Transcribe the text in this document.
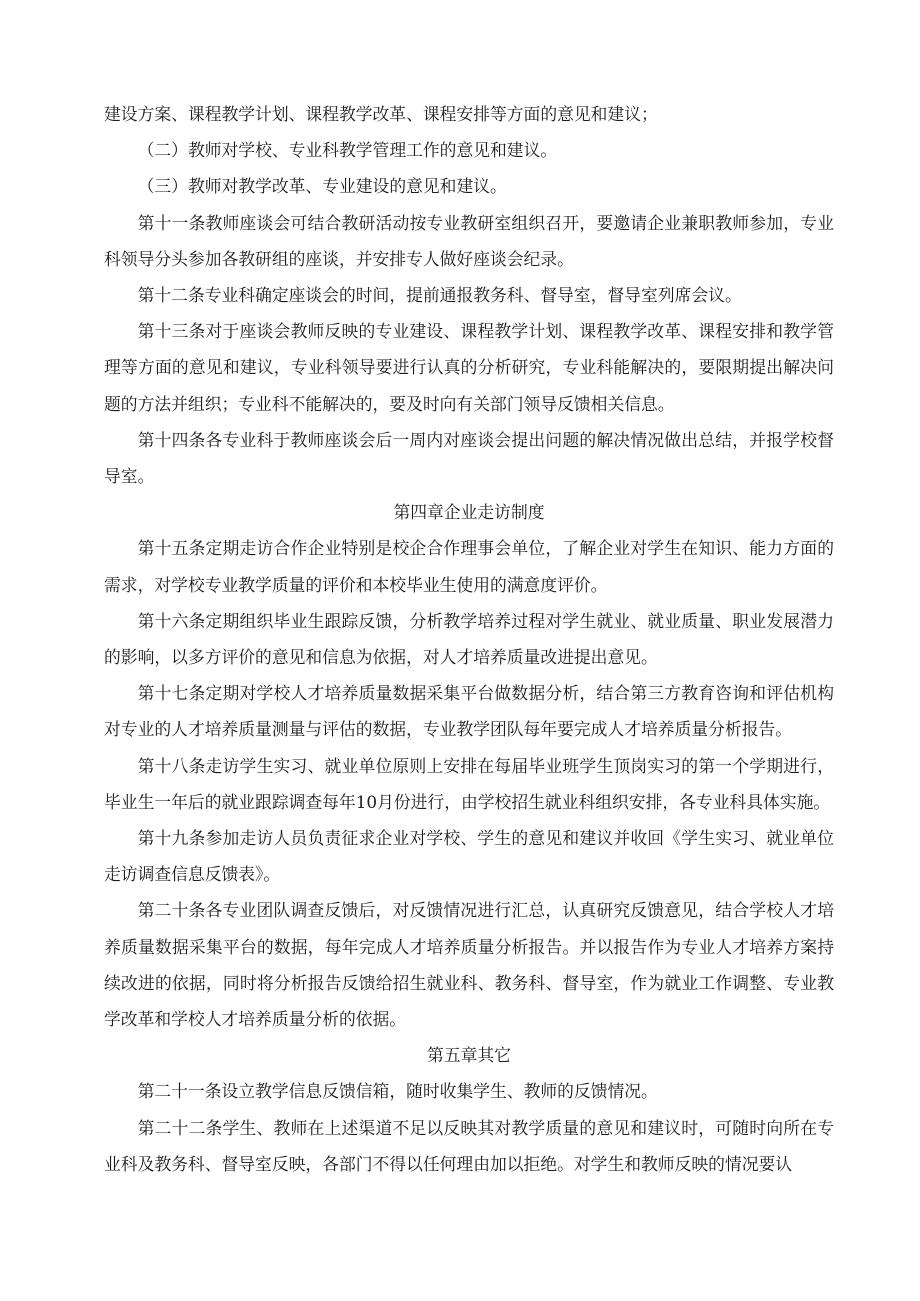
建设方案、课程教学计划、课程教学改革、课程安排等方面的意见和建议；

（二）教师对学校、专业科教学管理工作的意见和建议。

（三）教师对教学改革、专业建设的意见和建议。

第十一条教师座谈会可结合教研活动按专业教研室组织召开，要邀请企业兼职教师参加，专业科领导分头参加各教研组的座谈，并安排专人做好座谈会纪录。

第十二条专业科确定座谈会的时间，提前通报教务科、督导室，督导室列席会议。

第十三条对于座谈会教师反映的专业建设、课程教学计划、课程教学改革、课程安排和教学管理等方面的意见和建议，专业科领导要进行认真的分析研究，专业科能解决的，要限期提出解决问题的方法并组织；专业科不能解决的，要及时向有关部门领导反馈相关信息。

第十四条各专业科于教师座谈会后一周内对座谈会提出问题的解决情况做出总结，并报学校督导室。

第四章企业走访制度

第十五条定期走访合作企业特别是校企合作理事会单位，了解企业对学生在知识、能力方面的需求，对学校专业教学质量的评价和本校毕业生使用的满意度评价。

第十六条定期组织毕业生跟踪反馈，分析教学培养过程对学生就业、就业质量、职业发展潜力的影响，以多方评价的意见和信息为依据，对人才培养质量改进提出意见。

第十七条定期对学校人才培养质量数据采集平台做数据分析，结合第三方教育咨询和评估机构对专业的人才培养质量测量与评估的数据，专业教学团队每年要完成人才培养质量分析报告。

第十八条走访学生实习、就业单位原则上安排在每届毕业班学生顶岗实习的第一个学期进行，毕业生一年后的就业跟踪调查每年10月份进行，由学校招生就业科组织安排，各专业科具体实施。

第十九条参加走访人员负责征求企业对学校、学生的意见和建议并收回《学生实习、就业单位走访调查信息反馈表》。

第二十条各专业团队调查反馈后，对反馈情况进行汇总，认真研究反馈意见，结合学校人才培养质量数据采集平台的数据，每年完成人才培养质量分析报告。并以报告作为专业人才培养方案持续改进的依据，同时将分析报告反馈给招生就业科、教务科、督导室，作为就业工作调整、专业教学改革和学校人才培养质量分析的依据。

第五章其它

第二十一条设立教学信息反馈信箱，随时收集学生、教师的反馈情况。

第二十二条学生、教师在上述渠道不足以反映其对教学质量的意见和建议时，可随时向所在专业科及教务科、督导室反映，各部门不得以任何理由加以拒绝。对学生和教师反映的情况要认
